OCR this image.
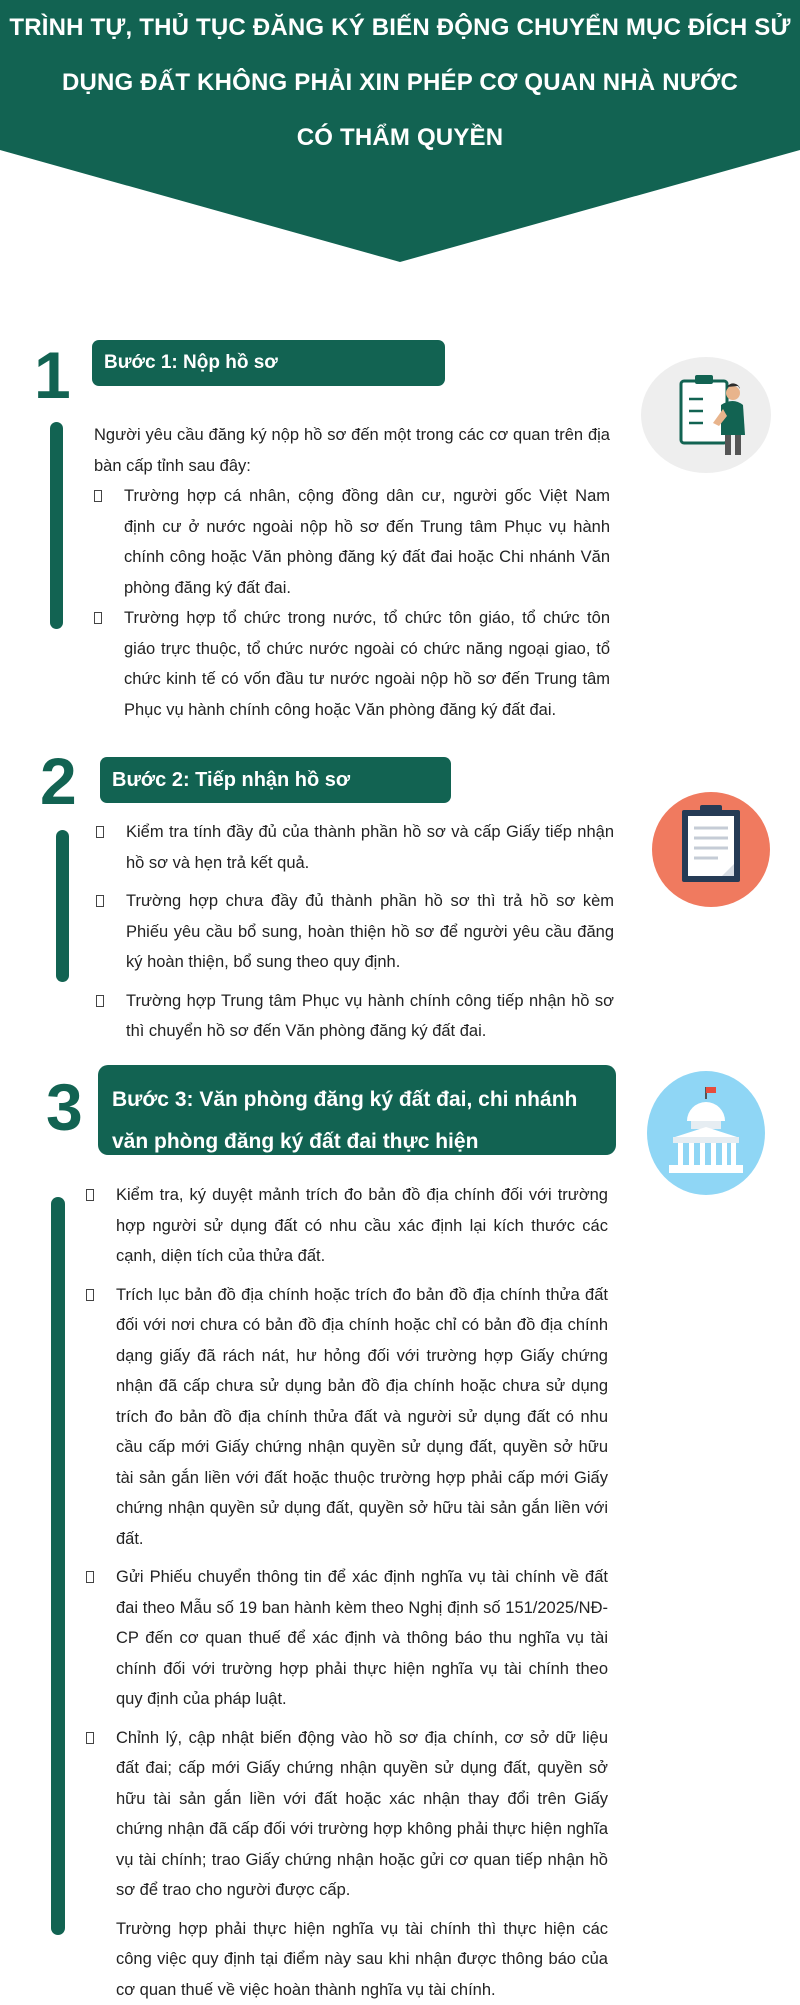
TRÌNH TỰ, THỦ TỤC ĐĂNG KÝ BIẾN ĐỘNG CHUYỂN MỤC ĐÍCH SỬ
DỤNG ĐẤT KHÔNG PHẢI XIN PHÉP CƠ QUAN NHÀ NƯỚC
CÓ THẨM QUYỀN
1 Bước 1: Nộp hồ sơ

Người yêu cầu đăng ký nộp hồ sơ đến một trong các cơ quan trên địa bàn cấp tỉnh sau đây:

Trường hợp cá nhân, cộng đồng dân cư, người gốc Việt Nam định cư ở nước ngoài nộp hồ sơ đến Trung tâm Phục vụ hành chính công hoặc Văn phòng đăng ký đất đai hoặc Chi nhánh Văn phòng đăng ký đất đai.

Trường hợp tổ chức trong nước, tổ chức tôn giáo, tổ chức tôn giáo trực thuộc, tổ chức nước ngoài có chức năng ngoại giao, tổ chức kinh tế có vốn đầu tư nước ngoài nộp hồ sơ đến Trung tâm Phục vụ hành chính công hoặc Văn phòng đăng ký đất đai.

2 Bước 2: Tiếp nhận hồ sơ

Kiểm tra tính đầy đủ của thành phần hồ sơ và cấp Giấy tiếp nhận hồ sơ và hẹn trả kết quả.

Trường hợp chưa đầy đủ thành phần hồ sơ thì trả hồ sơ kèm Phiếu yêu cầu bổ sung, hoàn thiện hồ sơ để người yêu cầu đăng ký hoàn thiện, bổ sung theo quy định.

Trường hợp Trung tâm Phục vụ hành chính công tiếp nhận hồ sơ thì chuyển hồ sơ đến Văn phòng đăng ký đất đai.

3 Bước 3: Văn phòng đăng ký đất đai, chi nhánh
văn phòng đăng ký đất đai thực hiện

Kiểm tra, ký duyệt mảnh trích đo bản đồ địa chính đối với trường hợp người sử dụng đất có nhu cầu xác định lại kích thước các cạnh, diện tích của thửa đất.

Trích lục bản đồ địa chính hoặc trích đo bản đồ địa chính thửa đất đối với nơi chưa có bản đồ địa chính hoặc chỉ có bản đồ địa chính dạng giấy đã rách nát, hư hỏng đối với trường hợp Giấy chứng nhận đã cấp chưa sử dụng bản đồ địa chính hoặc chưa sử dụng trích đo bản đồ địa chính thửa đất và người sử dụng đất có nhu cầu cấp mới Giấy chứng nhận quyền sử dụng đất, quyền sở hữu tài sản gắn liền với đất hoặc thuộc trường hợp phải cấp mới Giấy chứng nhận quyền sử dụng đất, quyền sở hữu tài sản gắn liền với đất.

Gửi Phiếu chuyển thông tin để xác định nghĩa vụ tài chính về đất đai theo Mẫu số 19 ban hành kèm theo Nghị định số 151/2025/NĐ-CP đến cơ quan thuế để xác định và thông báo thu nghĩa vụ tài chính đối với trường hợp phải thực hiện nghĩa vụ tài chính theo quy định của pháp luật.

Chỉnh lý, cập nhật biến động vào hồ sơ địa chính, cơ sở dữ liệu đất đai; cấp mới Giấy chứng nhận quyền sử dụng đất, quyền sở hữu tài sản gắn liền với đất hoặc xác nhận thay đổi trên Giấy chứng nhận đã cấp đối với trường hợp không phải thực hiện nghĩa vụ tài chính; trao Giấy chứng nhận hoặc gửi cơ quan tiếp nhận hồ sơ để trao cho người được cấp.

Trường hợp phải thực hiện nghĩa vụ tài chính thì thực hiện các công việc quy định tại điểm này sau khi nhận được thông báo của cơ quan thuế về việc hoàn thành nghĩa vụ tài chính.
